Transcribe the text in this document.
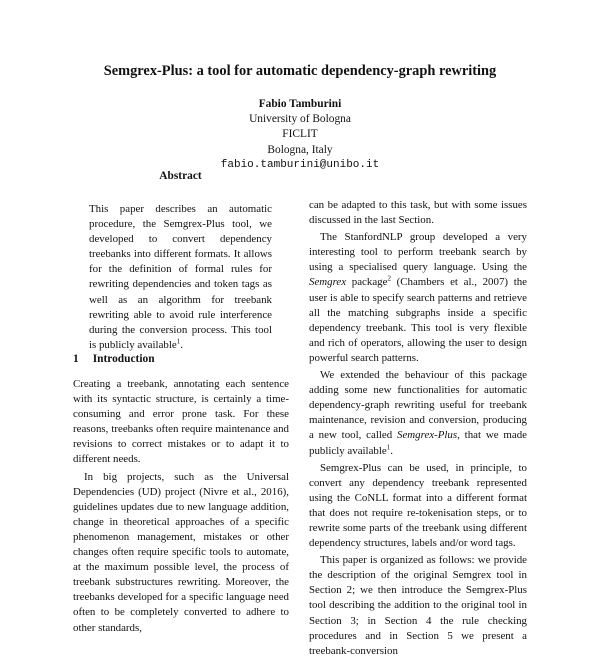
Semgrex-Plus: a tool for automatic dependency-graph rewriting
Fabio Tamburini
University of Bologna
FICLIT
Bologna, Italy
fabio.tamburini@unibo.it
Abstract

This paper describes an automatic procedure, the Semgrex-Plus tool, we developed to convert dependency treebanks into different formats. It allows for the definition of formal rules for rewriting dependencies and token tags as well as an algorithm for treebank rewriting able to avoid rule interference during the conversion process. This tool is publicly available$^1$.

1 Introduction

Creating a treebank, annotating each sentence with its syntactic structure, is certainly a time-consuming and error prone task. For these reasons, treebanks often require maintenance and revisions to correct mistakes or to adapt it to different needs.

In big projects, such as the Universal Dependencies (UD) project (Nivre et al., 2016), guidelines updates due to new language addition, change in theoretical approaches of a specific phenomenon management, mistakes or other changes often require specific tools to automate, at the maximum possible level, the process of treebank substructures rewriting. Moreover, the treebanks developed for a specific language need often to be completely converted to adhere to other standards,

can be adapted to this task, but with some issues discussed in the last Section.

The StanfordNLP group developed a very interesting tool to perform treebank search by using a specialised query language. Using the Semgrex package$^2$ (Chambers et al., 2007) the user is able to specify search patterns and retrieve all the matching subgraphs inside a specific dependency treebank. This tool is very flexible and rich of operators, allowing the user to design powerful search patterns.

We extended the behaviour of this package adding some new functionalities for automatic dependency-graph rewriting useful for treebank maintenance, revision and conversion, producing a new tool, called Semgrex-Plus, that we made publicly available$^1$.

Semgrex-Plus can be used, in principle, to convert any dependency treebank represented using the CoNLL format into a different format that does not require re-tokenisation steps, or to rewrite some parts of the treebank using different dependency structures, labels and/or word tags.

This paper is organized as follows: we provide the description of the original Semgrex tool in Section 2; we then introduce the Semgrex-Plus tool describing the addition to the original tool in Section 3; in Section 4 the rule checking procedures and in Section 5 we present a treebank-conversion
